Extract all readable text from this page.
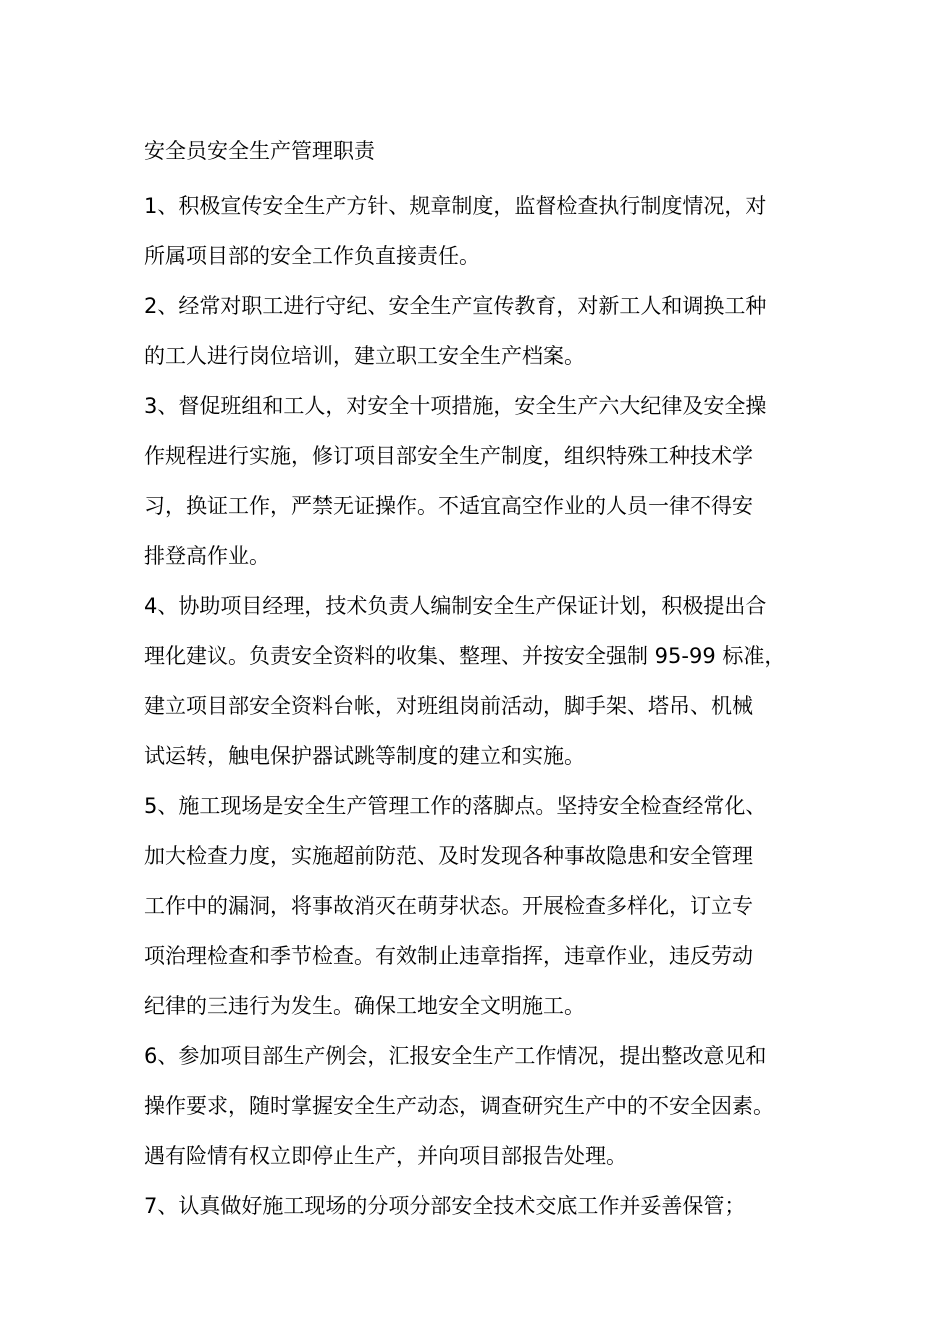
安全员安全生产管理职责
1、积极宣传安全生产方针、规章制度，监督检查执行制度情况，对
所属项目部的安全工作负直接责任。
2、经常对职工进行守纪、安全生产宣传教育，对新工人和调换工种
的工人进行岗位培训，建立职工安全生产档案。
3、督促班组和工人，对安全十项措施，安全生产六大纪律及安全操
作规程进行实施，修订项目部安全生产制度，组织特殊工种技术学
习，换证工作，严禁无证操作。不适宜高空作业的人员一律不得安
排登高作业。
4、协助项目经理，技术负责人编制安全生产保证计划，积极提出合
理化建议。负责安全资料的收集、整理、并按安全强制 95-99 标准，
建立项目部安全资料台帐，对班组岗前活动，脚手架、塔吊、机械
试运转，触电保护器试跳等制度的建立和实施。
5、施工现场是安全生产管理工作的落脚点。坚持安全检查经常化、
加大检查力度，实施超前防范、及时发现各种事故隐患和安全管理
工作中的漏洞，将事故消灭在萌芽状态。开展检查多样化，订立专
项治理检查和季节检查。有效制止违章指挥，违章作业，违反劳动
纪律的三违行为发生。确保工地安全文明施工。
6、参加项目部生产例会，汇报安全生产工作情况，提出整改意见和
操作要求，随时掌握安全生产动态，调查研究生产中的不安全因素。
遇有险情有权立即停止生产，并向项目部报告处理。
7、认真做好施工现场的分项分部安全技术交底工作并妥善保管；
